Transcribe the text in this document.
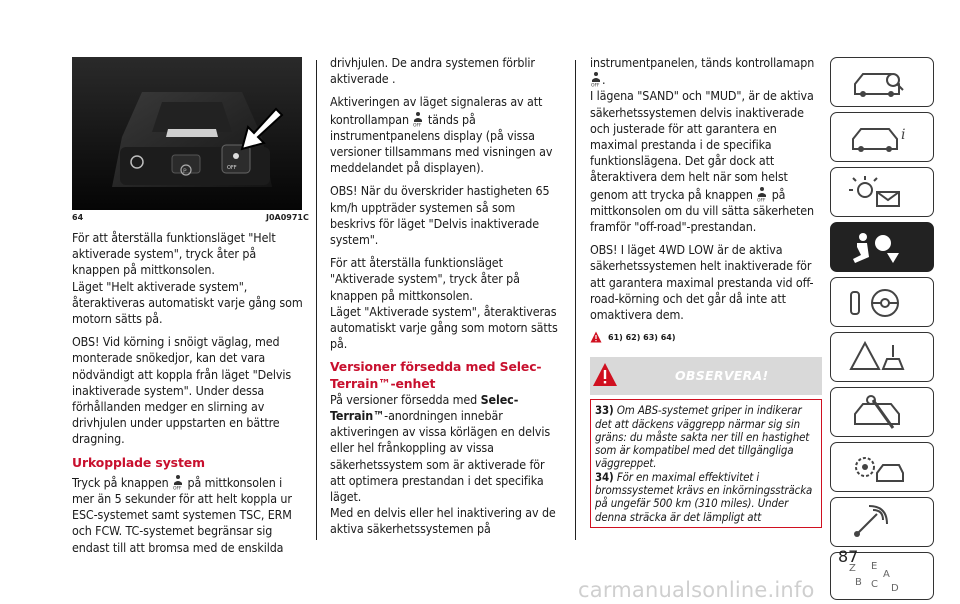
P	OFF
64	J0A0971C

För att återställa funktionsläget "Helt aktiverade system", tryck åter på knappen på mittkonsolen.

Läget "Helt aktiverade system", återaktiveras automatiskt varje gång som motorn sätts på.

OBS! Vid körning i snöigt väglag, med monterade snökedjor, kan det vara nödvändigt att koppla från läget "Delvis inaktiverade system". Under dessa förhållanden medger en slirning av drivhjulen under uppstarten en bättre dragning.

Urkopplade system

Tryck på knappen OFF på mittkonsolen i mer än 5 sekunder för att helt koppla ur ESC-systemet samt systemen TSC, ERM och FCW. TC-systemet begränsar sig endast till att bromsa med de enskilda

drivhjulen. De andra systemen förblir aktiverade .

Aktiveringen av läget signaleras av att kontrollampan OFF tänds på instrumentpanelens display (på vissa versioner tillsammans med visningen av meddelandet på displayen).

OBS! När du överskrider hastigheten 65 km/h uppträder systemen så som beskrivs för läget "Delvis inaktiverade system".

För att återställa funktionsläget "Aktiverade system", tryck åter på knappen på mittkonsolen.

Läget "Aktiverade system", återaktiveras automatiskt varje gång som motorn sätts på.

Versioner försedda med Selec-Terrain™-enhet

På versioner försedda med Selec-Terrain™-anordningen innebär aktiveringen av vissa körlägen en delvis eller hel frånkoppling av vissa säkerhetssystem som är aktiverade för att optimera prestandan i det specifika läget.

Med en delvis eller hel inaktivering av de aktiva säkerhetssystemen på

instrumentpanelen, tänds kontrollamapn

OFF .

I lägena "SAND" och "MUD", är de aktiva säkerhetssystemen delvis inaktiverade och justerade för att garantera en maximal prestanda i de specifika funktionslägena. Det går dock att återaktivera dem helt när som helst genom att trycka på knappen OFF på mittkonsolen om du vill sätta säkerheten framför "off-road"-prestandan.

OBS! I läget 4WD LOW är de aktiva säkerhetssystemen helt inaktiverade för att garantera maximal prestanda vid off-road-körning och det går då inte att omaktivera dem.

61) 62) 63) 64)
OBSERVERA!

33) Om ABS-systemet griper in indikerar det att däckens väggrepp närmar sig sin gräns: du måste sakta ner till en hastighet som är kompatibel med det tillgängliga väggreppet.

34) För en maximal effektivitet i bromssystemet krävs en inkörningssträcka på ungefär 500 km (310 miles). Under denna sträcka är det lämpligt att

i
Z E
A
B C D
87
carmanualsonline.info
